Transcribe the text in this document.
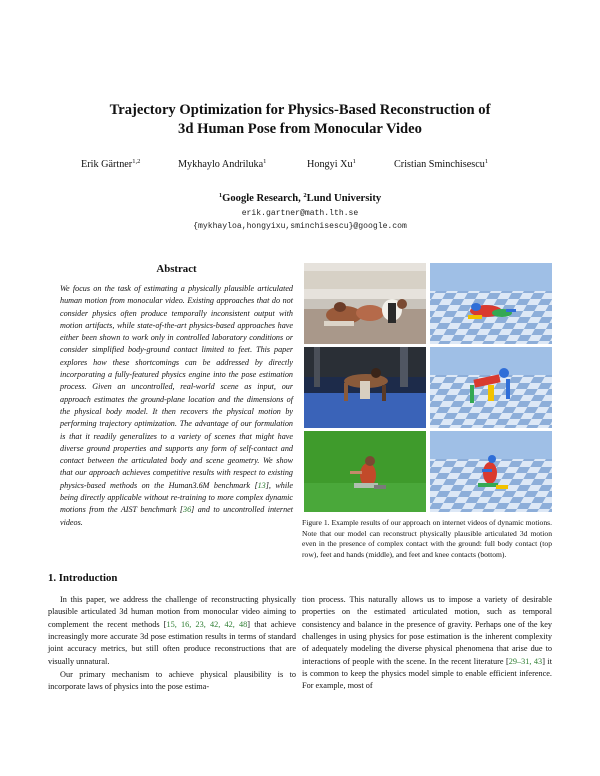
Trajectory Optimization for Physics-Based Reconstruction of
3d Human Pose from Monocular Video
Erik Gärtner$^{1,2}$	Mykhaylo Andriluka$^1$	Hongyi Xu$^1$	Cristian Sminchisescu$^1$
$^1$Google Research, $^2$Lund University
erik.gartner@math.lth.se
{mykhayloa,hongyixu,sminchisescu}@google.com
Abstract
We focus on the task of estimating a physically plausible articulated human motion from monocular video. Existing approaches that do not consider physics often produce temporally inconsistent output with motion artifacts, while state-of-the-art physics-based approaches have either been shown to work only in controlled laboratory conditions or consider simplified body-ground contact limited to feet. This paper explores how these shortcomings can be addressed by directly incorporating a fully-featured physics engine into the pose estimation process. Given an uncontrolled, real-world scene as input, our approach estimates the ground-plane location and the dimensions of the physical body model. It then recovers the physical motion by performing trajectory optimization. The advantage of our formulation is that it readily generalizes to a variety of scenes that might have diverse ground properties and supports any form of self-contact and contact between the articulated body and scene geometry. We show that our approach achieves competitive results with respect to existing physics-based methods on the Human3.6M benchmark [13], while being directly applicable without re-training to more complex dynamic motions from the AIST benchmark [36] and to uncontrolled internet videos.
1. Introduction

In this paper, we address the challenge of reconstructing physically plausible articulated 3d human motion from monocular video aiming to complement the recent methods [15, 16, 23, 42, 42, 48] that achieve increasingly more accurate 3d pose estimation results in terms of standard joint accuracy metrics, but still often produce reconstructions that are visually unnatural.

Our primary mechanism to achieve physical plausibility is to incorporate laws of physics into the pose estima-

tion process. This naturally allows us to impose a variety of desirable properties on the estimated articulated motion, such as temporal consistency and balance in the presence of gravity. Perhaps one of the key challenges in using physics for pose estimation is the inherent complexity of adequately modeling the diverse physical phenomena that arise due to interactions of people with the scene. In the recent literature [29–31, 43] it is common to keep the physics model simple to enable efficient inference. For example, most of

Figure 1. Example results of our approach on internet videos of dynamic motions. Note that our model can reconstruct physically plausible articulated 3d motion even in the presence of complex contact with the ground: full body contact (top row), feet and hands (middle), and feet and knee contacts (bottom).
